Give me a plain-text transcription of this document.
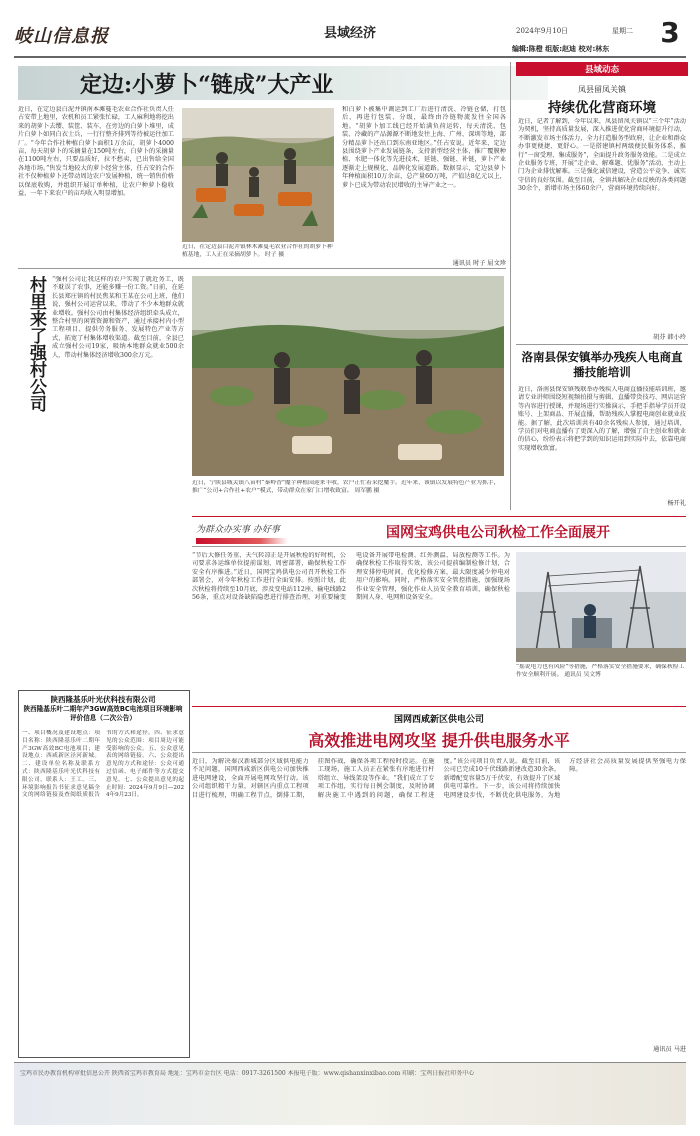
岐山信息报	县域经济	2024年9月10日	星期二 3
编辑:陈橙 组版:赵迪 校对:林东
定边:小萝卜“链成”大产业
近日，在定边县白泥井镇南本滩蔓毛农业合作社负责人任占安带上地里，农机和员工紧张忙碌，工人麻利地将挖出来的胡萝卜去缨、装筐、装车，在旁边的白萝卜堆里，成片白萝卜如同白衣士兵，一行行整齐排列等待被运往加工厂。“今年合作社种植白萝卜面积1万余亩，胡萝卜4000亩，每天胡萝卜的采摘量在150吨左右，白萝卜的采摘量在1100吨左右，只要品质好，拉不愁卖，已出售给全国各地市场。”售发当地较大的萝卜经营主体，任占安的合作社不仅种植萝卜还带动周边农户发展种植，统一销售价格以保底收购，并组织开展订单种植，让农户种萝卜稳收益，一年下来农户的亩均收入明显增加。
近日，在定边县白泥井镇林木滩蔓毛农业合作社的胡萝卜种植基地，工人正在采摘胡萝卜。 时子 摄
和白萝卜被集中调运到工厂后进行清洗、冷链仓储，打包后，再进行包装、分级，最终由冷链物流发往全国各地。“胡萝卜加工线已经开始满负荷运转，每天清洗、包装、冷藏的产品源源不断地发往上海、广州、深圳等地，部分精品萝卜还出口到东南亚地区。”任占安说。近年来，定边县围绕萝卜产业发展链条，支持新型经营主体，推广覆膜种植、水肥一体化等先进技术，延链、强链、补链，萝卜产业逐渐走上规模化、品牌化发展道路。数据显示，定边县萝卜年种植面积10万余亩，总产量60万吨，产值达8亿元以上，萝卜已成为带动农民增收的主导产业之一。
通讯员 时子 屈文珍
村里来了强村公司 “强村公司让我这样的农户实现了就近务工，既不耽误了农事，还能多赚一份工资。”日前，在延长县郑庄镇的村民焦某和王某在公司上班，他们说，强村公司运营以来，带动了不少本地群众就业增收。强村公司由村集体经济组织牵头成立，整合村里的闲置资源和资产，通过承接村内小型工程项目、提供劳务服务、发展特色产业等方式，拓宽了村集体增收渠道。截至目前，全县已成立强村公司19家，吸纳本地群众就业500余人，带动村集体经济增收300余万元。
近日，宁陕县城关镇八亩村“秦岭香”魔芋种植园迎来丰收，农户正忙着采挖魔芋。近年来，该镇以发展特色产业为抓手，推广“公司+合作社+农户”模式，带动群众在家门口增收致富。 周军鹏 摄
县域动态
凤县留凤关镇
持续优化营商环境
近日，记者了解到，今年以来，凤县留凤关镇以“三个年”活动为契机，坚持高质量发展，深入推进优化营商环境提升行动，不断激发市场主体活力，全力打造服务型政府，让企业和群众办事更便捷、更舒心。一是搭建镇村两级便民服务体系，推行“一窗受理、集成服务”，全面提升政务服务效能。二是成立企业服务专班，开展“走企业、解难题、优服务”活动，主动上门为企业排忧解难。三是强化诚信建设，营造公平竞争、诚实守信的良好氛围。截至目前，全镇共解决企业反映的各类问题30余个，新增市场主体60余户，营商环境持续向好。
胡芬 韩小玲
洛南县保安镇举办残疾人电商直播技能培训
近日，洛南县保安镇残联举办残疾人电商直播技能培训班，邀请专业讲师围绕短视频拍摄与剪辑、直播带货技巧、网店运营等内容进行授课，并现场进行实操演示，手把手指导学员开设账号、上架商品、开展直播，帮助残疾人掌握电商创业就业技能。据了解，此次培训共有40余名残疾人参加，通过培训，学员们对电商直播有了更深入的了解，增强了自主创业和就业的信心，纷纷表示将把学到的知识运用到实际中去，依靠电商实现增收致富。
杨开礼
为群众办实事 办好事	国网宝鸡供电公司秋检工作全面展开
“节后大修任务重，天气转凉正是开展秋检的好时机，公司要求各运维单位提前谋划、周密部署，确保秋检工作安全有序推进。”近日，国网宝鸡供电公司召开秋检工作部署会，对今年秋检工作进行全面安排。按照计划，此次秋检将持续至10月底，涉及变电站112座、输电线路256条，重点对设备缺陷隐患进行排查治理，对重要输变电设备开展带电检测、红外测温、局放检测等工作。为确保秋检工作取得实效，该公司提前编制检修计划，合理安排停电时间，优化检修方案，最大限度减少停电对用户的影响。同时，严格落实安全管控措施，加强现场作业安全管理，强化作业人员安全教育培训，确保秋检期间人身、电网和设备安全。
“摇说电力也有风险”等措施，严格落实安全措施要求，确保秋检工作安全顺利开展。 通讯员 吴文博
陕西隆基乐叶光伏科技有限公司
陕西隆基乐叶二期年产3GW高效BC电池项目环境影响评价信息（二次公告）
一、项目概况及建设地点：项目名称：陕西隆基乐叶二期年产3GW高效BC电池项目；建设地点：西咸新区泾河新城。二、建设单位名称及联系方式：陕西隆基乐叶光伏科技有限公司，联系人：王工。三、环境影响报告书征求意见稿全文的网络链接及查阅纸质报告书的方式和途径。四、征求意见的公众范围：项目周边可能受影响的公众。五、公众意见表的网络链接。六、公众提出意见的方式和途径：公众可通过信函、电子邮件等方式提交意见。七、公众提出意见的起止时间：2024年9月9日—2024年9月23日。
国网西咸新区供电公司
高效推进电网攻坚 提升供电服务水平
近日，为解决秦汉新城部分区域供电能力不足问题，国网西咸新区供电公司加快推进电网建设，全面开展电网攻坚行动。该公司组织精干力量，对辖区内重点工程项目进行梳理，明确工程节点，倒排工期，挂图作战，确保各项工程按时投运。在施工现场，施工人员正在紧张有序地进行杆塔组立、导线架设等作业。“我们成立了专项工作组，实行每日例会制度，及时协调解决施工中遇到的问题，确保工程进度。”该公司项目负责人说。截至目前，该公司已完成10千伏线路新建改造30余条，新增配变容量5万千伏安，有效提升了区域供电可靠性。下一步，该公司将持续加快电网建设步伐，不断优化供电服务，为地方经济社会高质量发展提供坚强电力保障。
通讯员 马进
宝鸡市民办教育机构审批信息公开 陕西省宝鸡市教育局 地址：宝鸡市金台区 电话：0917-3261500 本报电子版：www.qishanxinxibao.com 印刷：宝鸡日报社印务中心
